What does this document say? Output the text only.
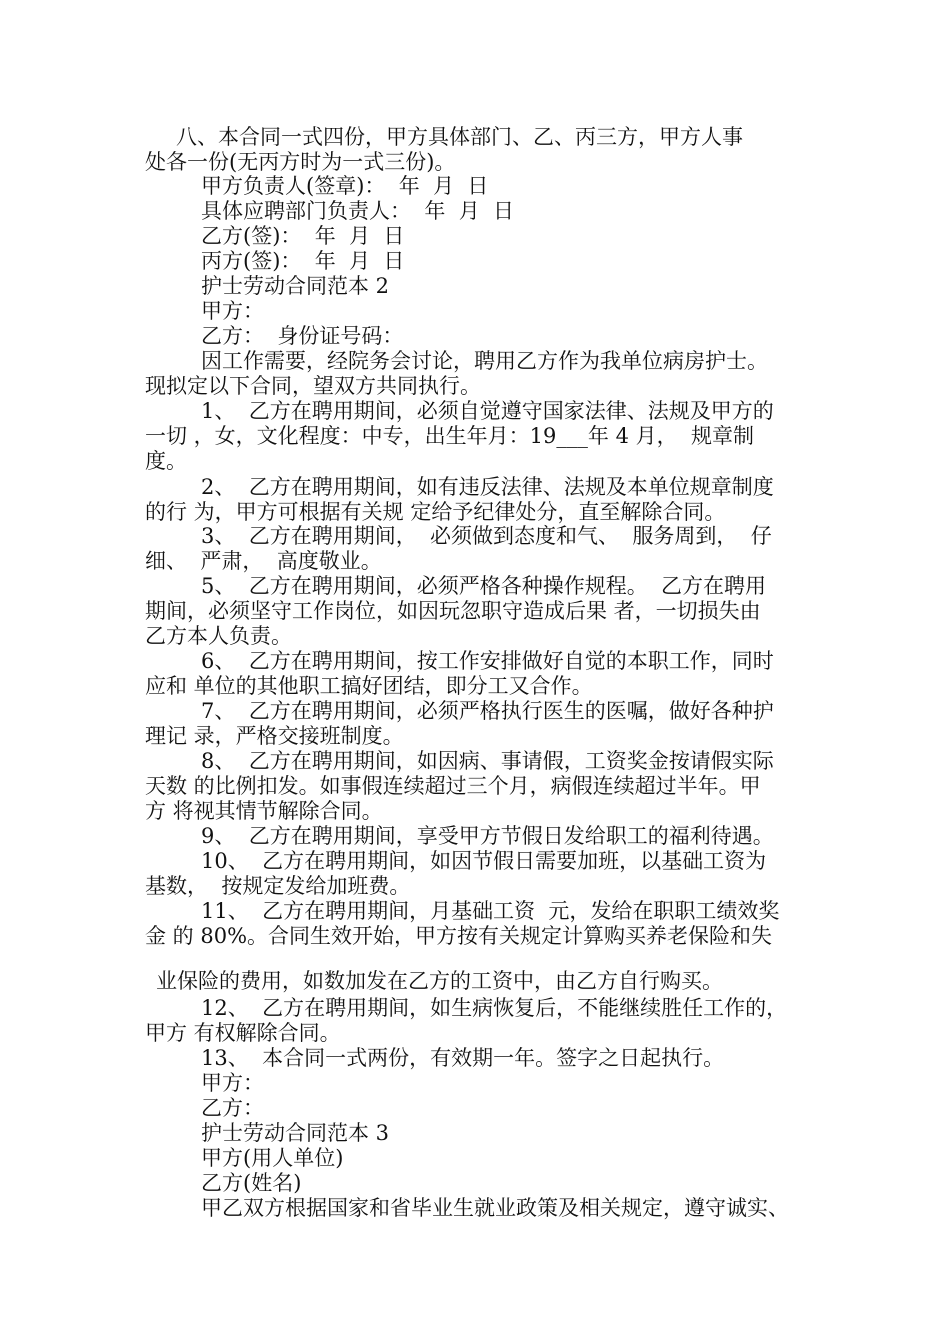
八、本合同一式四份，甲方具体部门、乙、丙三方，甲方人事
处各一份(无丙方时为一式三份)。
甲方负责人(签章)：  年  月  日
具体应聘部门负责人：  年  月  日
乙方(签)：  年  月  日
丙方(签)：  年  月  日
护士劳动合同范本 2
甲方：
乙方：  身份证号码：
因工作需要，经院务会讨论，聘用乙方作为我单位病房护士。
现拟定以下合同，望双方共同执行。
1、  乙方在聘用期间，必须自觉遵守国家法律、法规及甲方的
一切 ，女，文化程度：中专，出生年月：19___年 4 月，  规章制
度。
2、  乙方在聘用期间，如有违反法律、法规及本单位规章制度
的行 为，甲方可根据有关规 定给予纪律处分，直至解除合同。
3、  乙方在聘用期间，  必须做到态度和气、  服务周到，  仔
细、  严肃，  高度敬业。
5、  乙方在聘用期间，必须严格各种操作规程。  乙方在聘用
期间，必须坚守工作岗位，如因玩忽职守造成后果 者，一切损失由
乙方本人负责。
6、  乙方在聘用期间，按工作安排做好自觉的本职工作，同时
应和 单位的其他职工搞好团结，即分工又合作。
7、  乙方在聘用期间，必须严格执行医生的医嘱，做好各种护
理记 录，严格交接班制度。
8、  乙方在聘用期间，如因病、事请假，工资奖金按请假实际
天数 的比例扣发。如事假连续超过三个月，病假连续超过半年。甲
方 将视其情节解除合同。
9、  乙方在聘用期间，享受甲方节假日发给职工的福利待遇。
10、  乙方在聘用期间，如因节假日需要加班，以基础工资为
基数，  按规定发给加班费。
11、  乙方在聘用期间，月基础工资  元，发给在职职工绩效奖
金 的 80%。合同生效开始，甲方按有关规定计算购买养老保险和失
业保险的费用，如数加发在乙方的工资中，由乙方自行购买。
12、  乙方在聘用期间，如生病恢复后，不能继续胜任工作的，
甲方 有权解除合同。
13、  本合同一式两份，有效期一年。签字之日起执行。
甲方：
乙方：
护士劳动合同范本 3
甲方(用人单位)
乙方(姓名)
甲乙双方根据国家和省毕业生就业政策及相关规定，遵守诚实、
